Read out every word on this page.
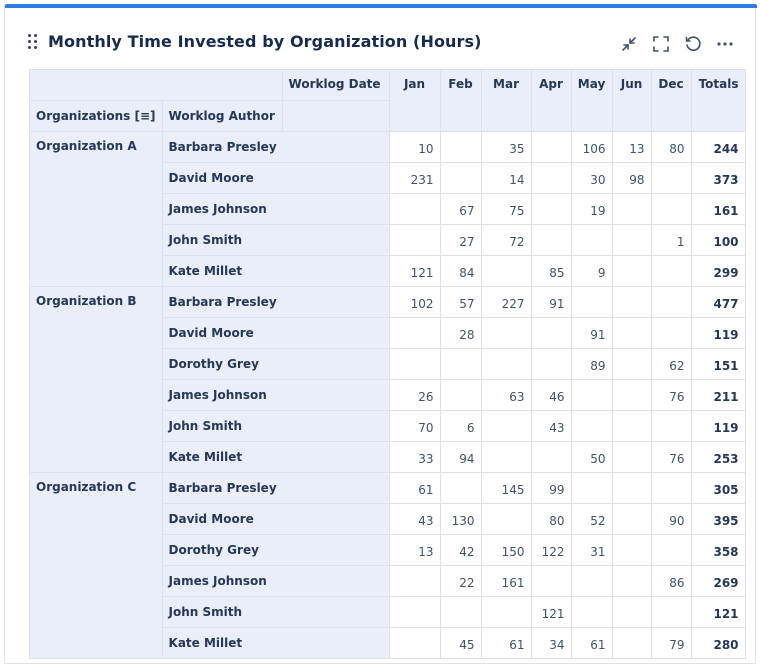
Monthly Time Invested by Organization (Hours)
		Worklog Date	Jan	Feb	Mar	Apr	May	Jun	Dec	Totals
Organizations [≡]	Worklog Author									
Organization A	Barbara Presley		10		35		106	13	80	244
	David Moore		231		14		30	98		373
	James Johnson			67	75		19			161
	John Smith			27	72				1	100
	Kate Millet		121	84		85	9			299
Organization B	Barbara Presley		102	57	227	91				477
	David Moore			28			91			119
	Dorothy Grey						89		62	151
	James Johnson		26		63	46			76	211
	John Smith		70	6		43				119
	Kate Millet		33	94			50		76	253
Organization C	Barbara Presley		61		145	99				305
	David Moore		43	130		80	52		90	395
	Dorothy Grey		13	42	150	122	31			358
	James Johnson			22	161				86	269
	John Smith					121				121
	Kate Millet			45	61	34	61		79	280
